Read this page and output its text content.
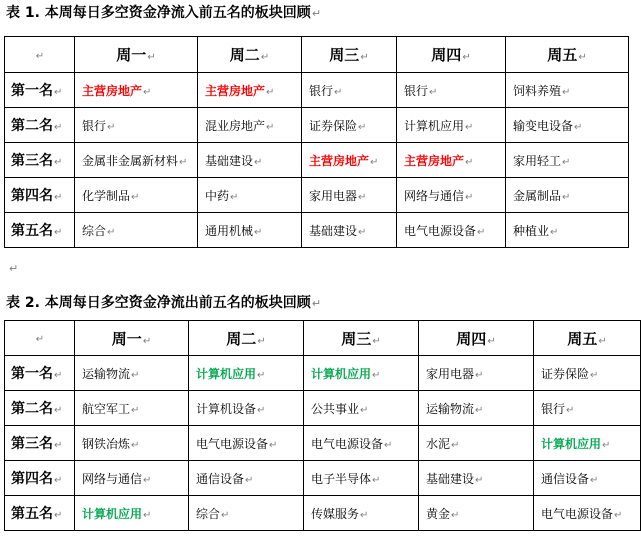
表 1. 本周每日多空资金净流入前五名的板块回顾↵
↵	周一↵	周二↵	周三↵	周四↵	周五↵
第一名↵	主营房地产↵	主营房地产↵	银行↵	银行↵	饲料养殖↵
第二名↵	银行↵	混业房地产↵	证券保险↵	计算机应用↵	输变电设备↵
第三名↵	金属非金属新材料↵	基础建设↵	主营房地产↵	主营房地产↵	家用轻工↵
第四名↵	化学制品↵	中药↵	家用电器↵	网络与通信↵	金属制品↵
第五名↵	综合↵	通用机械↵	基础建设↵	电气电源设备↵	种植业↵
↵
表 2. 本周每日多空资金净流出前五名的板块回顾↵
↵	周一↵	周二↵	周三↵	周四↵	周五↵
第一名↵	运输物流↵	计算机应用↵	计算机应用↵	家用电器↵	证券保险↵
第二名↵	航空军工↵	计算机设备↵	公共事业↵	运输物流↵	银行↵
第三名↵	钢铁冶炼↵	电气电源设备↵	电气电源设备↵	水泥↵	计算机应用↵
第四名↵	网络与通信↵	通信设备↵	电子半导体↵	基础建设↵	通信设备↵
第五名↵	计算机应用↵	综合↵	传媒服务↵	黄金↵	电气电源设备↵
